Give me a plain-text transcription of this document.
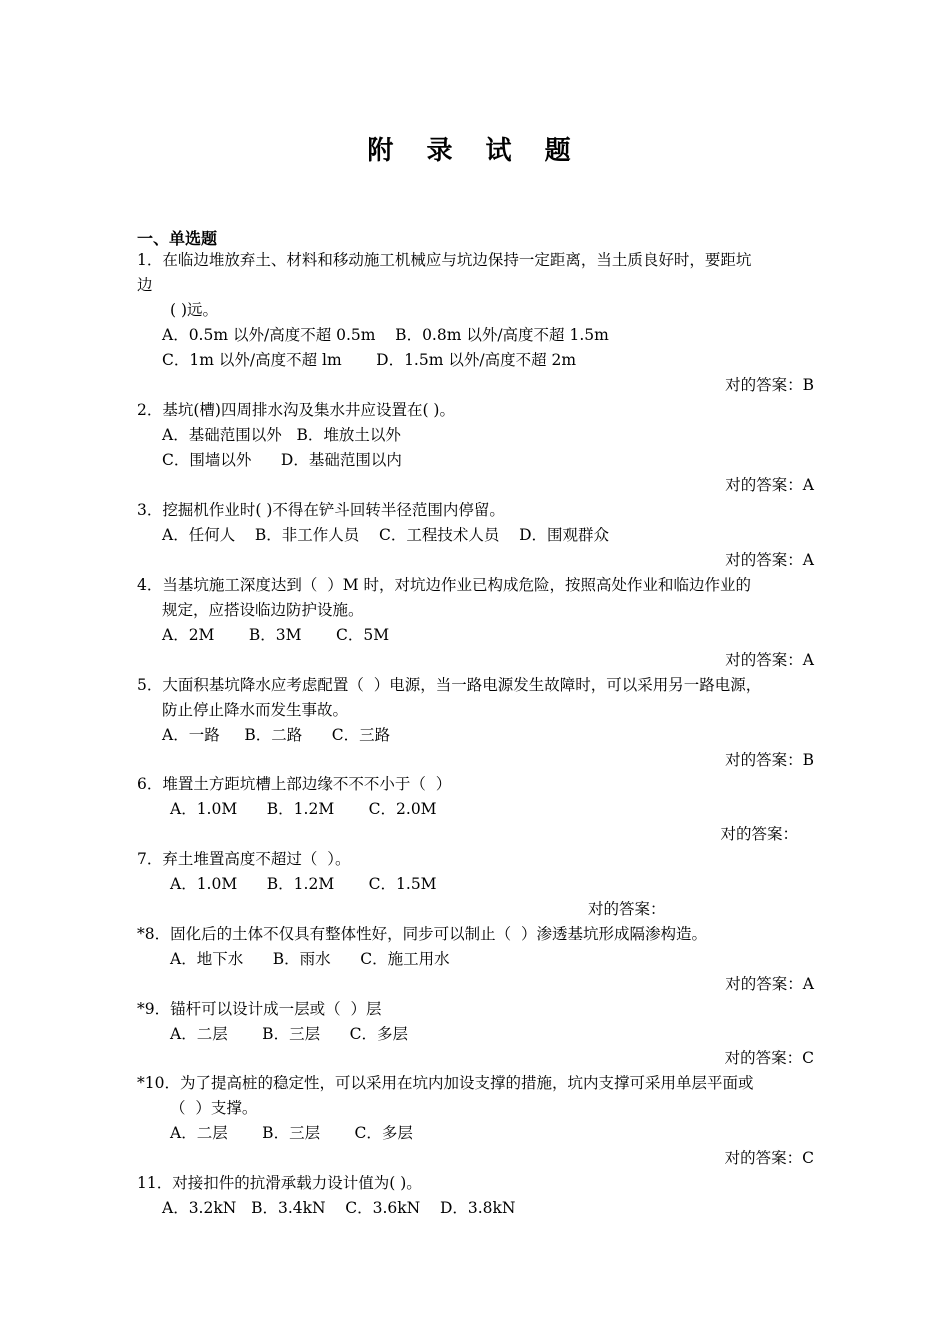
附 录 试 题
一、单选题
1．在临边堆放弃土、材料和移动施工机械应与坑边保持一定距离，当土质良好时，要距坑
边
( )远。
A．0.5m 以外/高度不超 0.5m    B．0.8m 以外/高度不超 1.5m
C．1m 以外/高度不超 lm       D．1.5m 以外/高度不超 2m
对的答案：B
2．基坑(槽)四周排水沟及集水井应设置在( )。
A．基础范围以外   B．堆放土以外
C．围墙以外      D．基础范围以内
对的答案：A
3．挖掘机作业时( )不得在铲斗回转半径范围内停留。
A．任何人    B．非工作人员    C．工程技术人员    D．围观群众
对的答案：A
4．当基坑施工深度达到（  ）M 时，对坑边作业已构成危险，按照高处作业和临边作业的
规定，应搭设临边防护设施。
A．2M       B．3M       C．5M
对的答案：A
5．大面积基坑降水应考虑配置（  ）电源，当一路电源发生故障时，可以采用另一路电源，
防止停止降水而发生事故。
A．一路     B．二路      C．三路
对的答案：B
6．堆置土方距坑槽上部边缘不不不小于（  ）
A．1.0M      B．1.2M       C．2.0M
对的答案：
7．弃土堆置高度不超过（  ）。
A．1.0M      B．1.2M       C．1.5M
对的答案：
*8．固化后的土体不仅具有整体性好，同步可以制止（  ）渗透基坑形成隔渗构造。
A．地下水      B．雨水      C．施工用水
对的答案：A
*9．锚杆可以设计成一层或（  ）层
A．二层       B．三层      C．多层
对的答案：C
*10．为了提高桩的稳定性，可以采用在坑内加设支撑的措施，坑内支撑可采用单层平面或
（  ）支撑。
A．二层       B．三层       C．多层
对的答案：C
11．对接扣件的抗滑承载力设计值为( )。
A．3.2kN   B．3.4kN    C．3.6kN    D．3.8kN
